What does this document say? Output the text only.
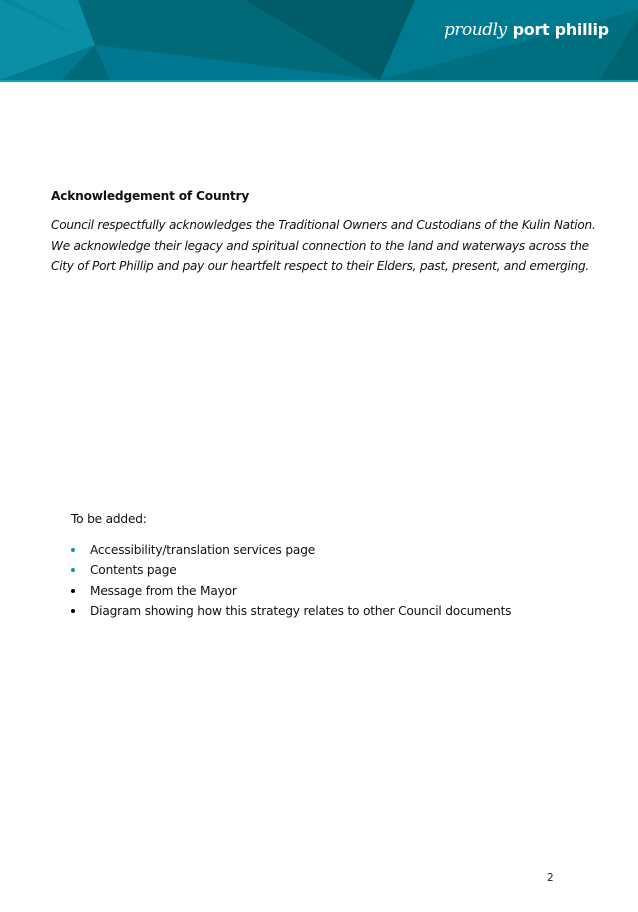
proudly port phillip
Acknowledgement of Country

Council respectfully acknowledges the Traditional Owners and Custodians of the Kulin Nation. We acknowledge their legacy and spiritual connection to the land and waterways across the City of Port Phillip and pay our heartfelt respect to their Elders, past, present, and emerging.

To be added:
Accessibility/translation services page
Contents page
Message from the Mayor
Diagram showing how this strategy relates to other Council documents
2
